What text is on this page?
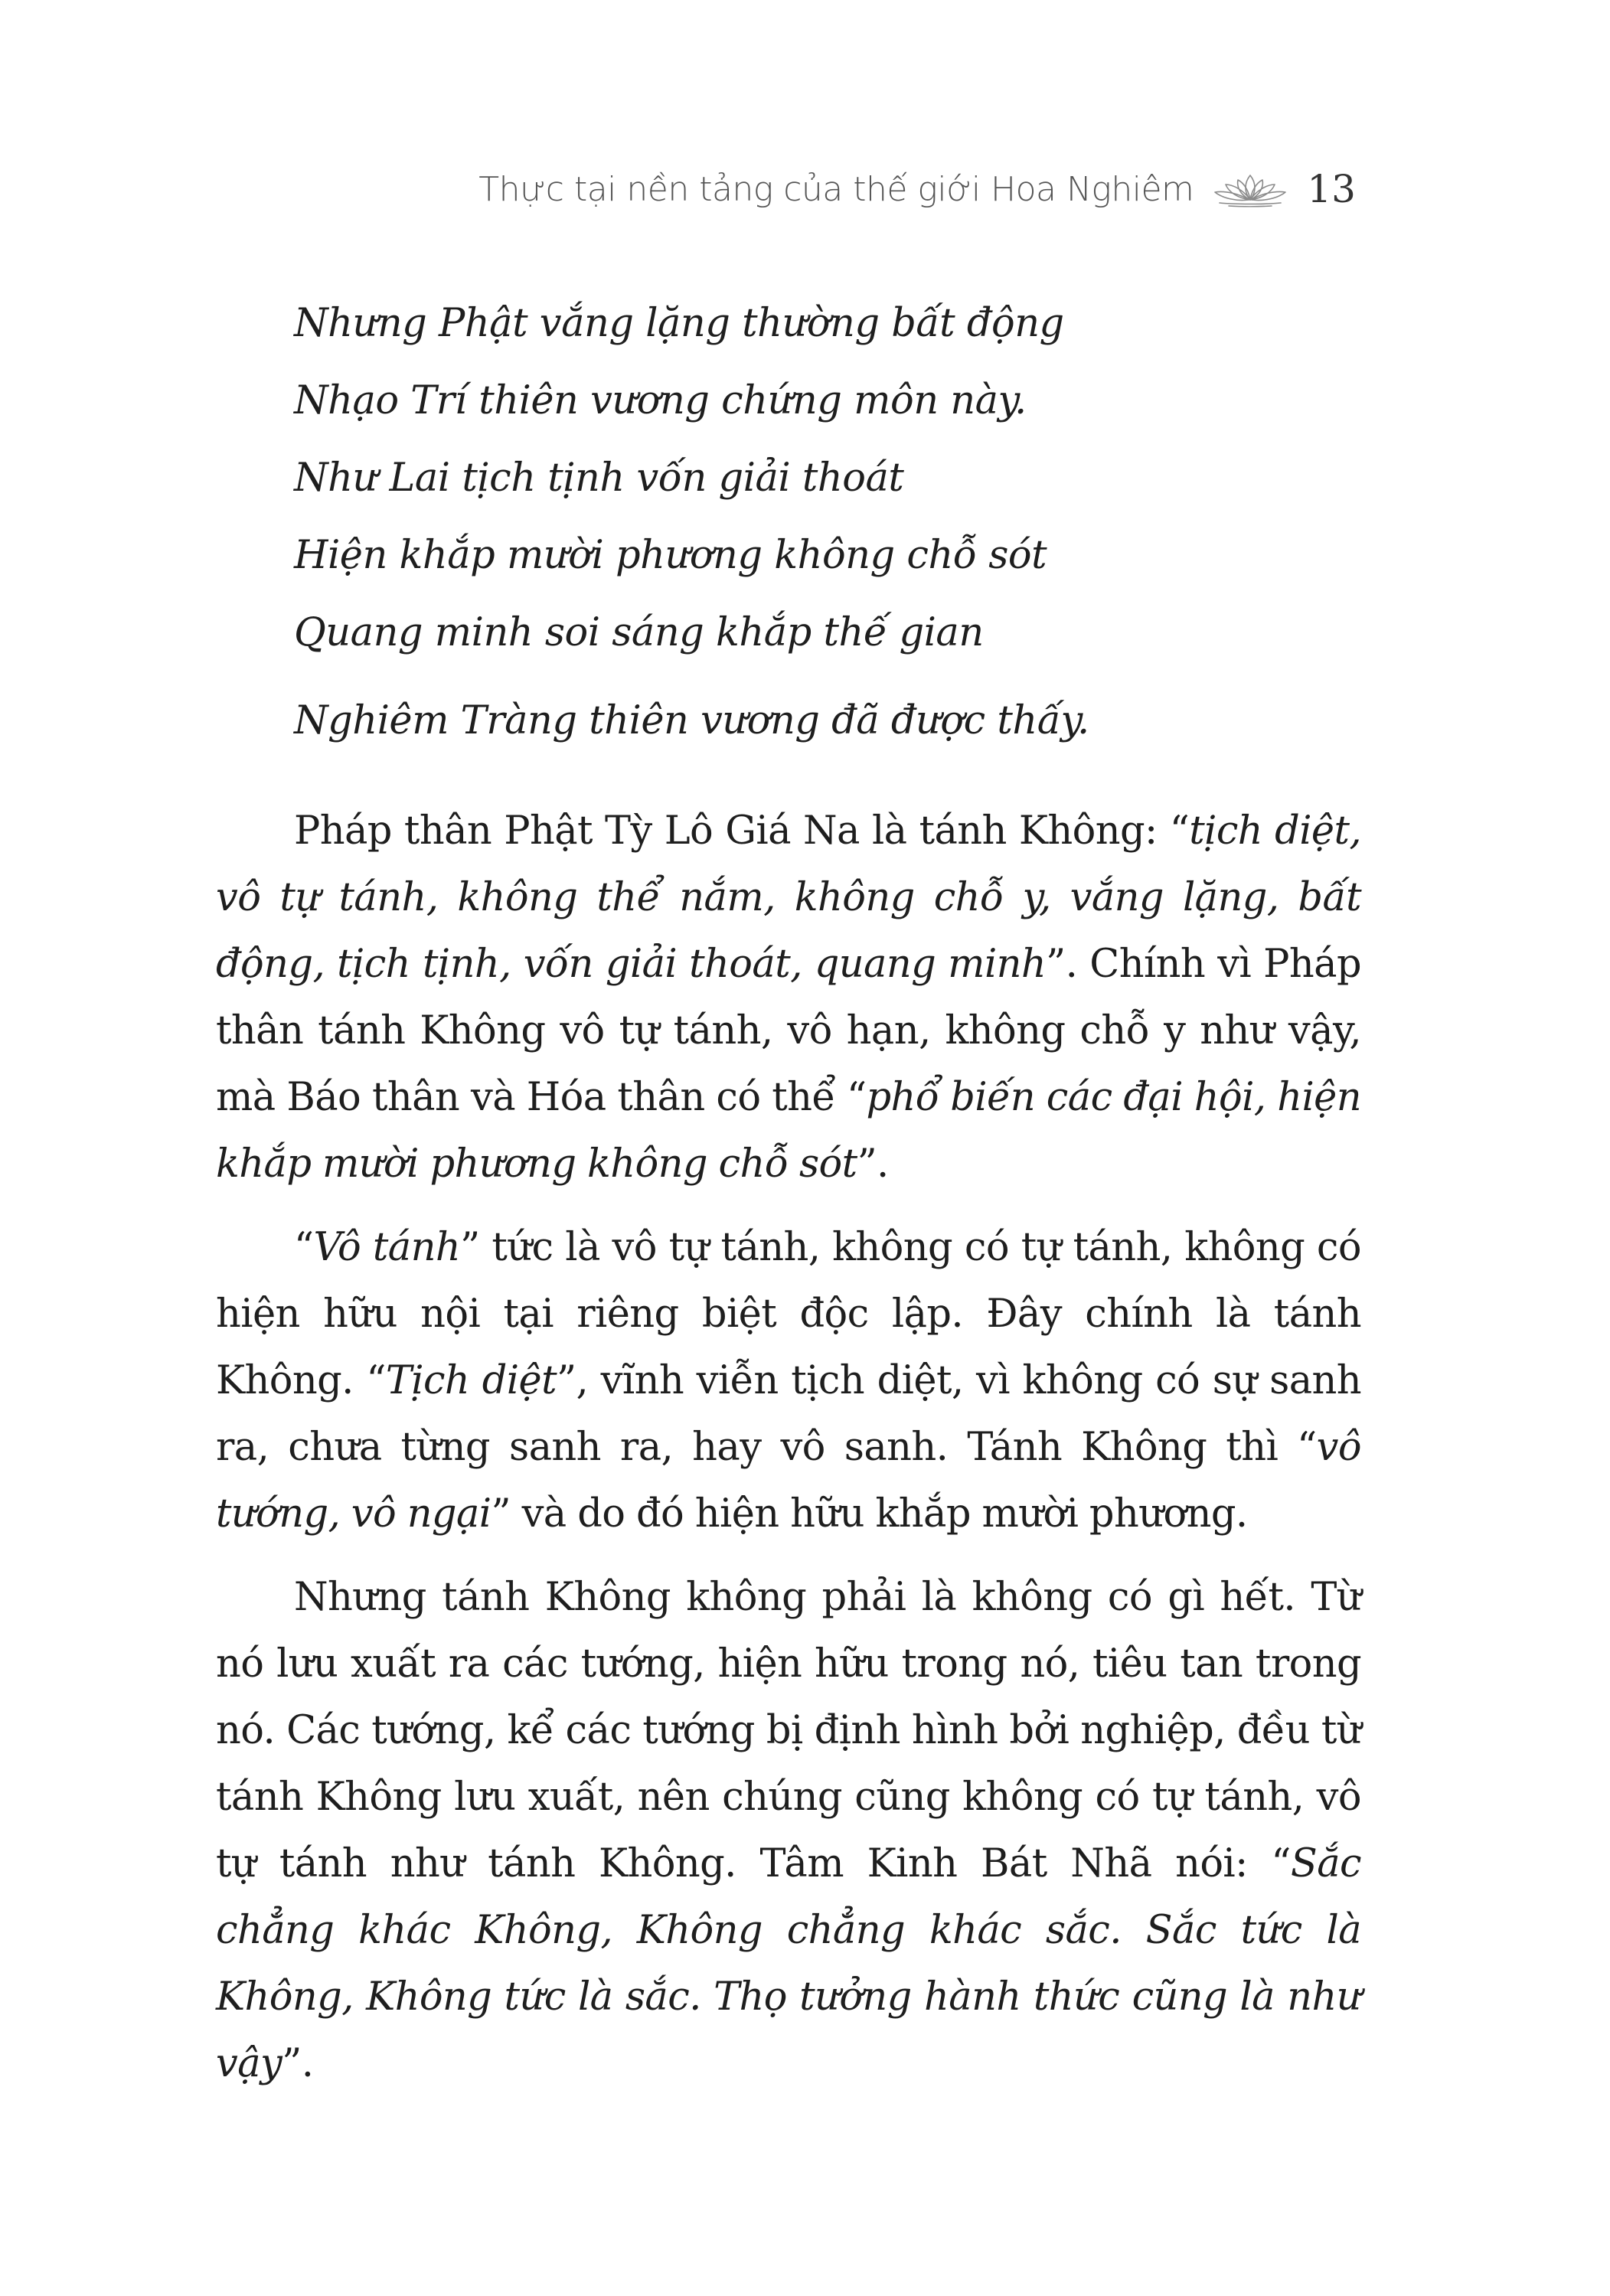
Thực tại nền tảng của thế giới Hoa Nghiêm	13
Nhưng Phật vắng lặng thường bất động
Nhạo Trí thiên vương chứng môn này.
Như Lai tịch tịnh vốn giải thoát
Hiện khắp mười phương không chỗ sót
Quang minh soi sáng khắp thế gian
Nghiêm Tràng thiên vương đã được thấy.

Pháp thân Phật Tỳ Lô Giá Na là tánh Không: “tịch diệt, vô tự tánh, không thể nắm, không chỗ y, vắng lặng, bất động, tịch tịnh, vốn giải thoát, quang minh”. Chính vì Pháp thân tánh Không vô tự tánh, vô hạn, không chỗ y như vậy, mà Báo thân và Hóa thân có thể “phổ biến các đại hội, hiện khắp mười phương không chỗ sót”.

“Vô tánh” tức là vô tự tánh, không có tự tánh, không có hiện hữu nội tại riêng biệt độc lập. Đây chính là tánh Không. “Tịch diệt”, vĩnh viễn tịch diệt, vì không có sự sanh ra, chưa từng sanh ra, hay vô sanh. Tánh Không thì “vô tướng, vô ngại” và do đó hiện hữu khắp mười phương.

Nhưng tánh Không không phải là không có gì hết. Từ nó lưu xuất ra các tướng, hiện hữu trong nó, tiêu tan trong nó. Các tướng, kể các tướng bị định hình bởi nghiệp, đều từ tánh Không lưu xuất, nên chúng cũng không có tự tánh, vô tự tánh như tánh Không. Tâm Kinh Bát Nhã nói: “Sắc chẳng khác Không, Không chẳng khác sắc. Sắc tức là Không, Không tức là sắc. Thọ tưởng hành thức cũng là như vậy”.
